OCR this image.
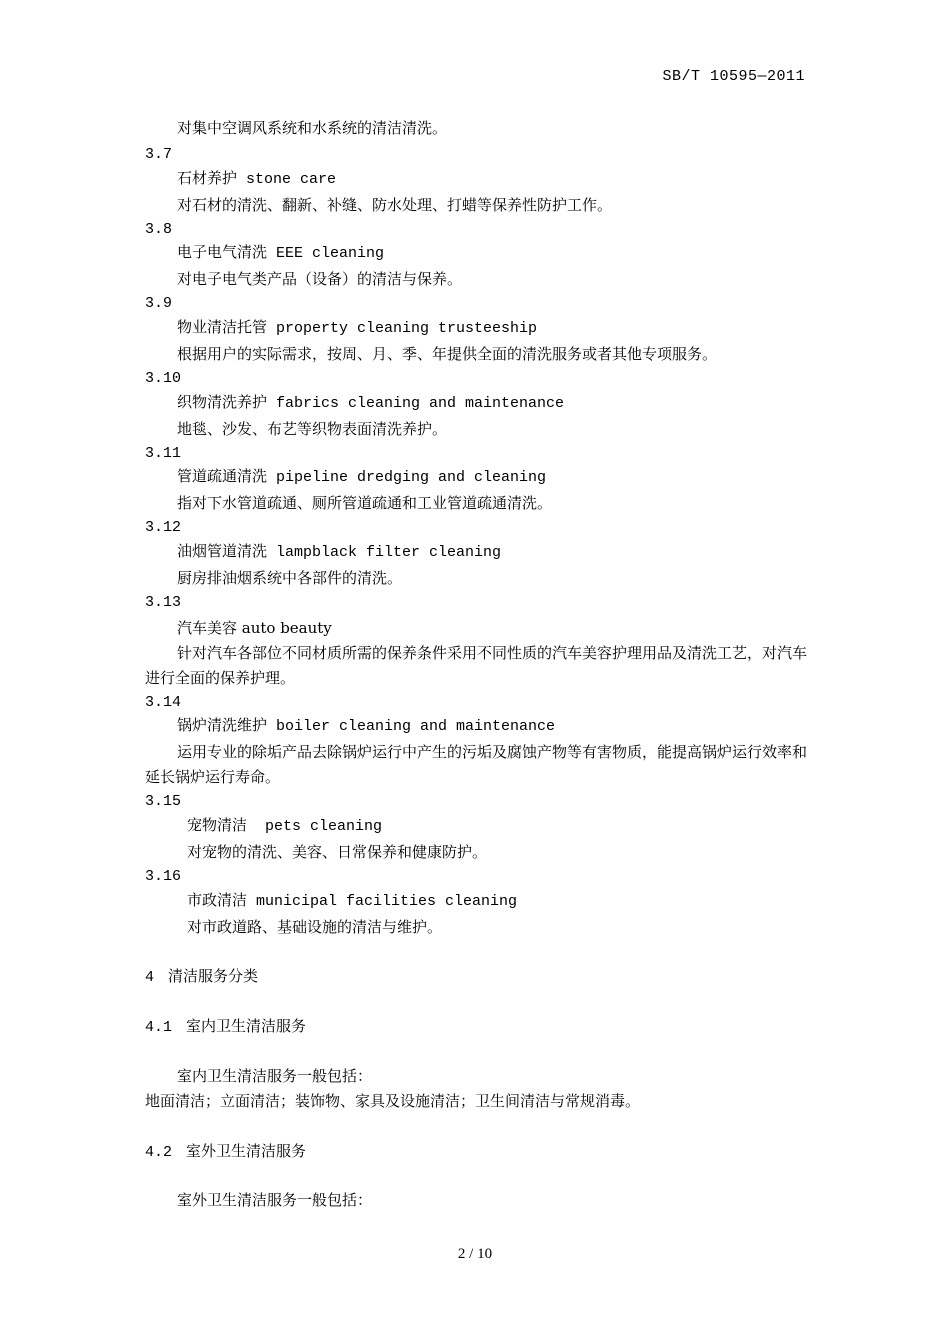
SB/T 10595—2011
对集中空调风系统和水系统的清洁清洗。
3.7
石材养护 stone care
对石材的清洗、翻新、补缝、防水处理、打蜡等保养性防护工作。
3.8
电子电气清洗 EEE cleaning
对电子电气类产品（设备）的清洁与保养。
3.9
物业清洁托管 property cleaning trusteeship
根据用户的实际需求，按周、月、季、年提供全面的清洗服务或者其他专项服务。
3.10
织物清洗养护 fabrics cleaning and maintenance
地毯、沙发、布艺等织物表面清洗养护。
3.11
管道疏通清洗 pipeline dredging and cleaning
指对下水管道疏通、厕所管道疏通和工业管道疏通清洗。
3.12
油烟管道清洗 lampblack filter cleaning
厨房排油烟系统中各部件的清洗。
3.13
汽车美容 auto beauty
针对汽车各部位不同材质所需的保养条件采用不同性质的汽车美容护理用品及清洗工艺，对汽车进行全面的保养护理。
3.14
锅炉清洗维护 boiler cleaning and maintenance
运用专业的除垢产品去除锅炉运行中产生的污垢及腐蚀产物等有害物质，能提高锅炉运行效率和延长锅炉运行寿命。
3.15
宠物清洁  pets cleaning
对宠物的清洗、美容、日常保养和健康防护。
3.16
市政清洁 municipal facilities cleaning
对市政道路、基础设施的清洁与维护。
4 清洁服务分类
4.1 室内卫生清洁服务
室内卫生清洁服务一般包括：
地面清洁；立面清洁；装饰物、家具及设施清洁；卫生间清洁与常规消毒。
4.2 室外卫生清洁服务
室外卫生清洁服务一般包括：
2 / 10
